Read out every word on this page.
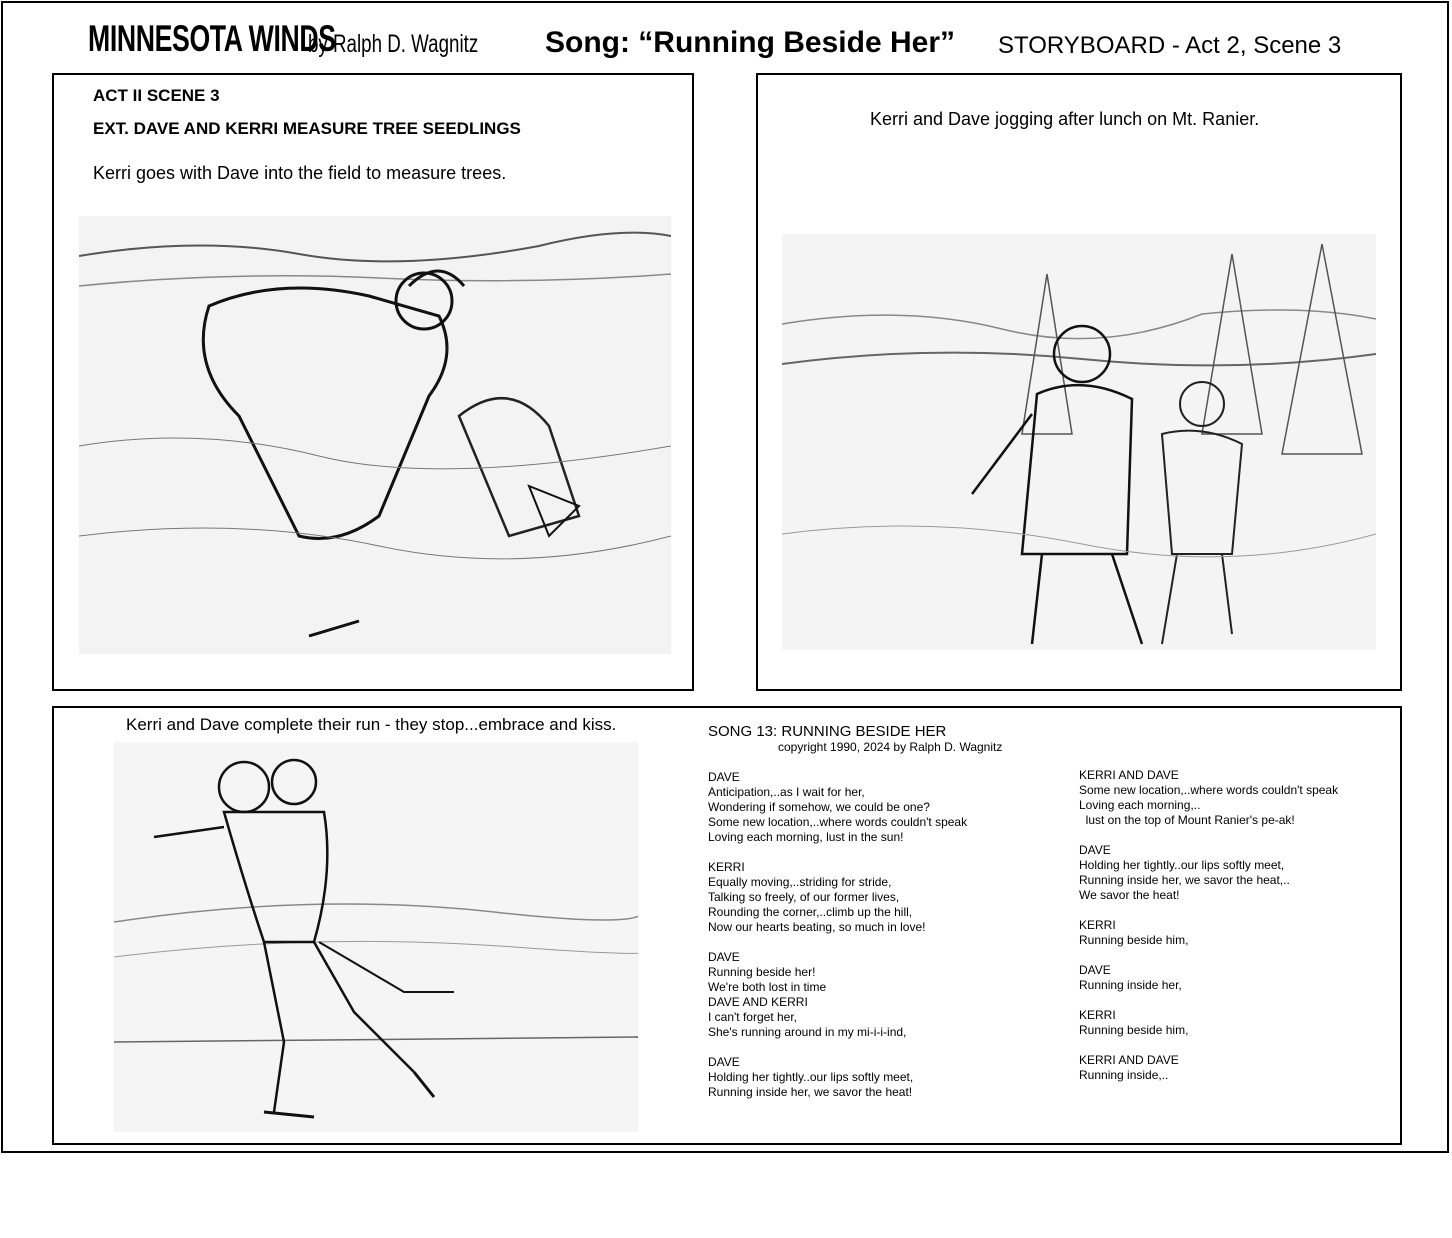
MINNESOTA WINDS
by Ralph D. Wagnitz Song: “Running Beside Her” STORYBOARD - Act 2, Scene 3
ACT II SCENE 3
EXT. DAVE AND KERRI MEASURE TREE SEEDLINGS
Kerri goes with Dave into the field to measure trees.
Kerri and Dave jogging after lunch on Mt. Ranier.
Kerri and Dave complete their run - they stop...embrace and kiss.	SONG 13: RUNNING BESIDE HER
copyright 1990, 2024 by Ralph D. Wagnitz
DAVE
Anticipation,..as I wait for her,
Wondering if somehow, we could be one?
Some new location,..where words couldn't speak
Loving each morning, lust in the sun!

KERRI
Equally moving,..striding for stride,
Talking so freely, of our former lives,
Rounding the corner,..climb up the hill,
Now our hearts beating, so much in love!

DAVE
Running beside her!
We're both lost in time
DAVE AND KERRI
I can't forget her,
She's running around in my mi-i-i-ind,

DAVE
Holding her tightly..our lips softly meet,
Running inside her, we savor the heat!
KERRI AND DAVE
Some new location,..where words couldn't speak
Loving each morning,..
lust on the top of Mount Ranier's pe-ak!

DAVE
Holding her tightly..our lips softly meet,
Running inside her, we savor the heat,..
We savor the heat!

KERRI
Running beside him,

DAVE
Running inside her,

KERRI
Running beside him,

KERRI AND DAVE
Running inside,..
